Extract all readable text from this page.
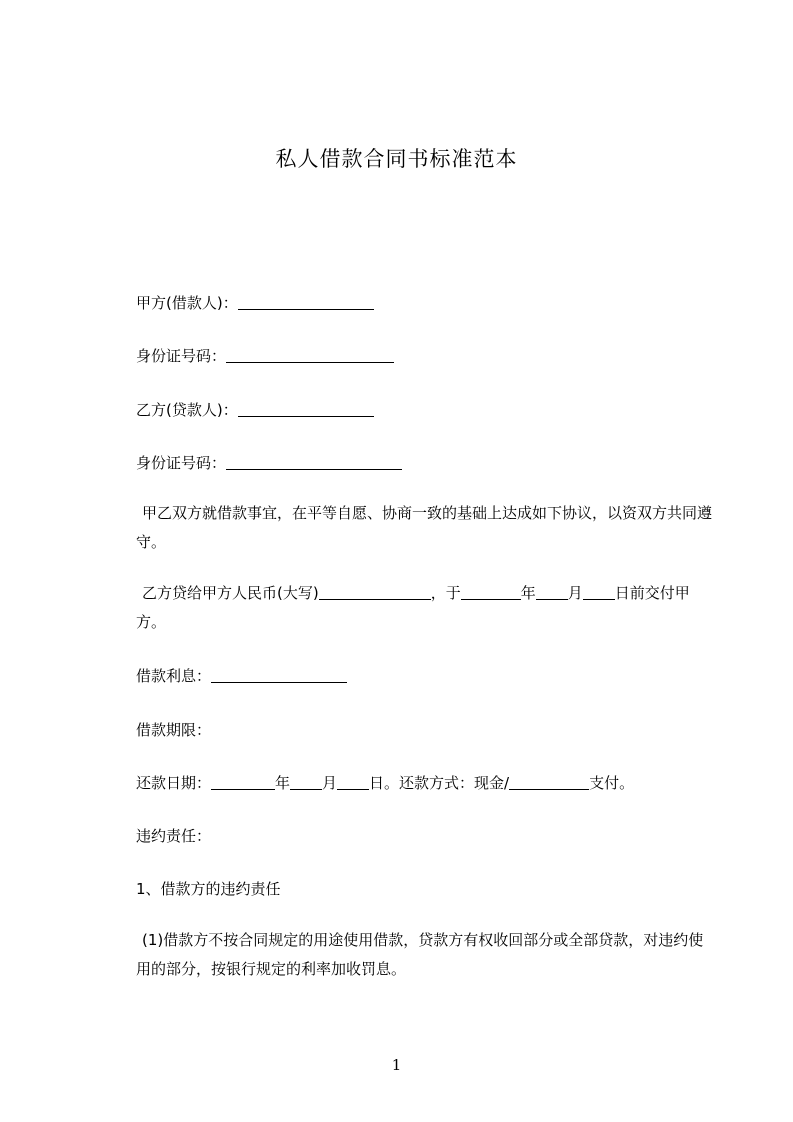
私人借款合同书标准范本
甲方(借款人)：
身份证号码：
乙方(贷款人)：
身份证号码：
甲乙双方就借款事宜，在平等自愿、协商一致的基础上达成如下协议，以资双方共同遵守。
乙方贷给甲方人民币(大写)	，于	年 月 日前交付甲方。
借款利息：
借款期限：
还款日期：	年 月 日。还款方式：现金/	支付。
违约责任：
1、借款方的违约责任
(1)借款方不按合同规定的用途使用借款，贷款方有权收回部分或全部贷款，对违约使用的部分，按银行规定的利率加收罚息。
1
